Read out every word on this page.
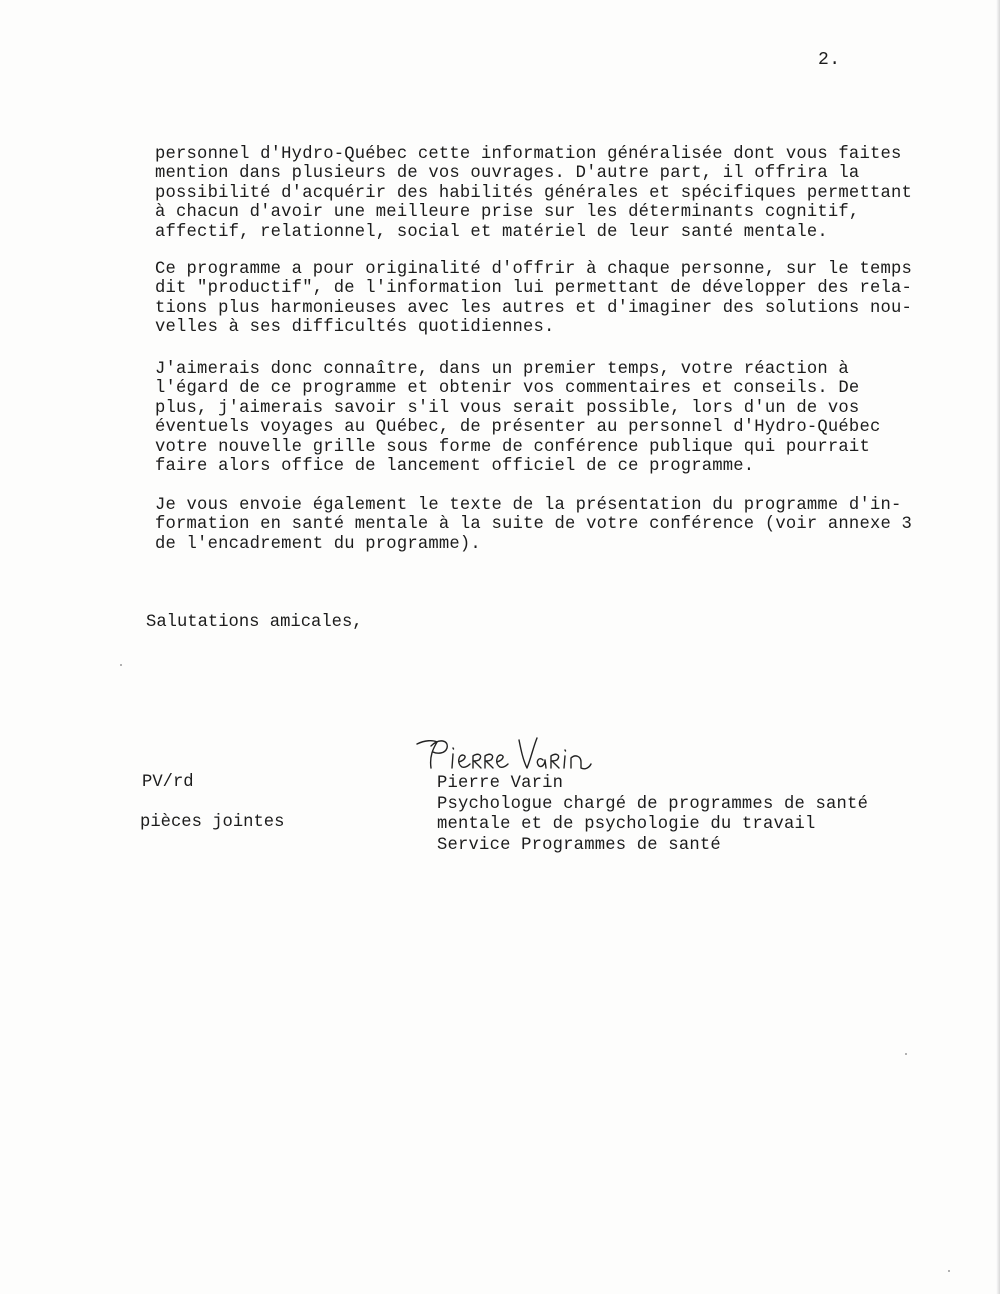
2.
personnel d'Hydro-Québec cette information généralisée dont vous faites
mention dans plusieurs de vos ouvrages. D'autre part, il offrira la
possibilité d'acquérir des habilités générales et spécifiques permettant
à chacun d'avoir une meilleure prise sur les déterminants cognitif,
affectif, relationnel, social et matériel de leur santé mentale.
Ce programme a pour originalité d'offrir à chaque personne, sur le temps
dit "productif", de l'information lui permettant de développer des rela-
tions plus harmonieuses avec les autres et d'imaginer des solutions nou-
velles à ses difficultés quotidiennes.
J'aimerais donc connaître, dans un premier temps, votre réaction à
l'égard de ce programme et obtenir vos commentaires et conseils. De
plus, j'aimerais savoir s'il vous serait possible, lors d'un de vos
éventuels voyages au Québec, de présenter au personnel d'Hydro-Québec
votre nouvelle grille sous forme de conférence publique qui pourrait
faire alors office de lancement officiel de ce programme.
Je vous envoie également le texte de la présentation du programme d'in-
formation en santé mentale à la suite de votre conférence (voir annexe 3
de l'encadrement du programme).
Salutations amicales,
PV/rd
pièces jointes
Pierre Varin
Psychologue chargé de programmes de santé
mentale et de psychologie du travail
Service Programmes de santé
